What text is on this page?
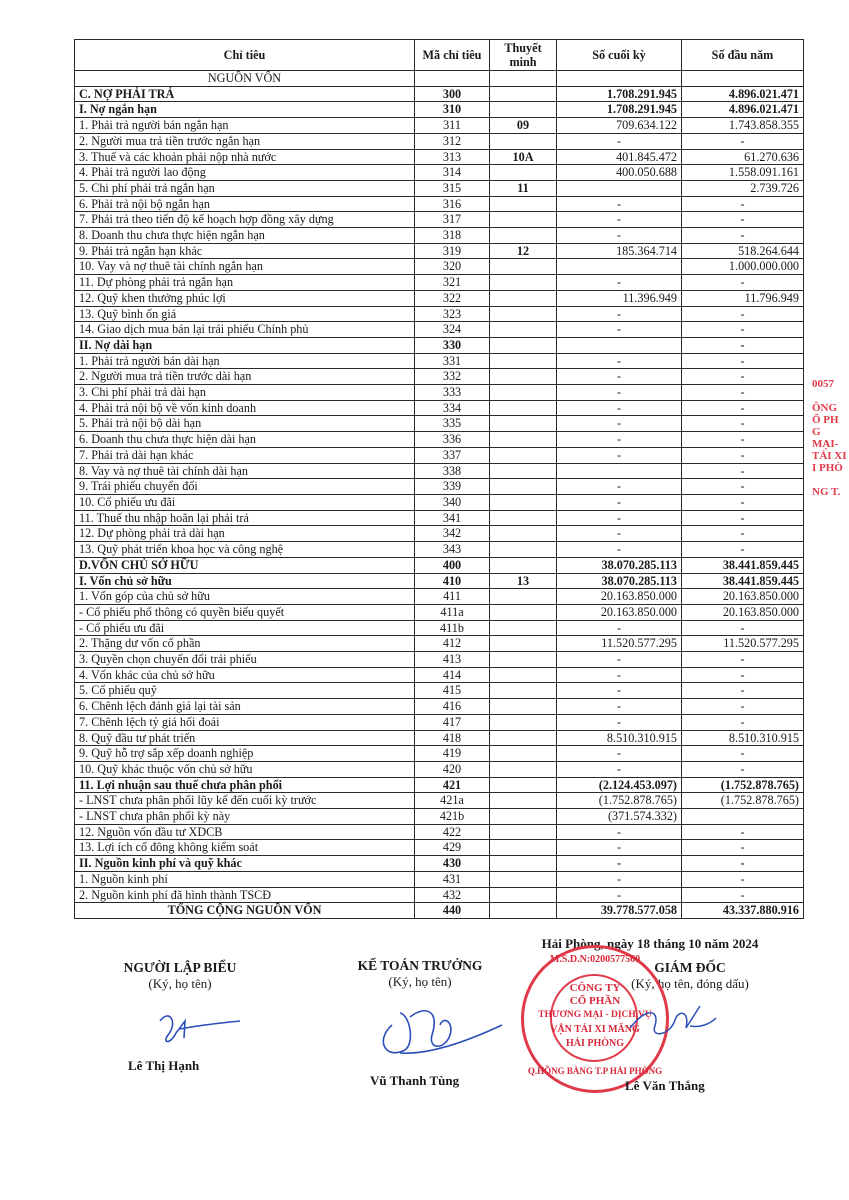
Chỉ tiêu	Mã chỉ tiêu	Thuyết minh	Số cuối kỳ	Số đầu năm
NGUỒN VỐN				
C. NỢ PHẢI TRẢ	300		1.708.291.945	4.896.021.471
I. Nợ ngắn hạn	310		1.708.291.945	4.896.021.471
1. Phải trả người bán ngắn hạn	311	09	709.634.122	1.743.858.355
2. Người mua trả tiền trước ngắn hạn	312		-	-
3. Thuế và các khoản phải nộp nhà nước	313	10A	401.845.472	61.270.636
4. Phải trả người lao động	314		400.050.688	1.558.091.161
5. Chi phí phải trả ngắn hạn	315	11		2.739.726
6. Phải trả nội bộ ngắn hạn	316		-	-
7. Phải trả theo tiến độ kế hoạch hợp đồng xây dựng	317		-	-
8. Doanh thu chưa thực hiện ngắn hạn	318		-	-
9. Phải trả ngắn hạn khác	319	12	185.364.714	518.264.644
10. Vay và nợ thuê tài chính ngắn hạn	320			1.000.000.000
11. Dự phòng phải trả ngắn hạn	321		-	-
12. Quỹ khen thưởng phúc lợi	322		11.396.949	11.796.949
13. Quỹ bình ổn giá	323		-	-
14. Giao dịch mua bán lại trái phiếu Chính phủ	324		-	-
II. Nợ dài hạn	330			-
1. Phải trả người bán dài hạn	331		-	-
2. Người mua trả tiền trước dài hạn	332		-	-
3. Chi phí phải trả dài hạn	333		-	-
4. Phải trả nội bộ về vốn kinh doanh	334		-	-
5. Phải trả nội bộ dài hạn	335		-	-
6. Doanh thu chưa thực hiện dài hạn	336		-	-
7. Phải trả dài hạn khác	337		-	-
8. Vay và nợ thuê tài chính dài hạn	338			-
9. Trái phiếu chuyển đổi	339		-	-
10. Cổ phiếu ưu đãi	340		-	-
11. Thuế thu nhập hoãn lại phải trả	341		-	-
12. Dự phòng phải trả dài hạn	342		-	-
13. Quỹ phát triển khoa học và công nghệ	343		-	-
D.VỐN CHỦ SỞ HỮU	400		38.070.285.113	38.441.859.445
I. Vốn chủ sở hữu	410	13	38.070.285.113	38.441.859.445
1. Vốn góp của chủ sở hữu	411		20.163.850.000	20.163.850.000
- Cổ phiếu phổ thông có quyền biểu quyết	411a		20.163.850.000	20.163.850.000
- Cổ phiếu ưu đãi	411b		-	-
2. Thặng dư vốn cổ phần	412		11.520.577.295	11.520.577.295
3. Quyền chọn chuyển đổi trái phiếu	413		-	-
4. Vốn khác của chủ sở hữu	414		-	-
5. Cổ phiếu quỹ	415		-	-
6. Chênh lệch đánh giá lại tài sản	416		-	-
7. Chênh lệch tỷ giá hối đoái	417		-	-
8. Quỹ đầu tư phát triển	418		8.510.310.915	8.510.310.915
9. Quỹ hỗ trợ sắp xếp doanh nghiệp	419		-	-
10. Quỹ khác thuộc vốn chủ sở hữu	420		-	-
11. Lợi nhuận sau thuế chưa phân phối	421		(2.124.453.097)	(1.752.878.765)
- LNST chưa phân phối lũy kế đến cuối kỳ trước	421a		(1.752.878.765)	(1.752.878.765)
- LNST chưa phân phối kỳ này	421b		(371.574.332)	
12. Nguồn vốn đầu tư XDCB	422		-	-
13. Lợi ích cổ đông không kiểm soát	429		-	-
II. Nguồn kinh phí và quỹ khác	430		-	-
1. Nguồn kinh phí	431		-	-
2. Nguồn kinh phí đã hình thành TSCĐ	432		-	-
TỔNG CỘNG NGUỒN VỐN	440		39.778.577.058	43.337.880.916
Hải Phòng, ngày 18 tháng 10 năm 2024
NGƯỜI LẬP BIỂU
(Ký, họ tên)
Lê Thị Hạnh
KẾ TOÁN TRƯỞNG
(Ký, họ tên)
Vũ Thanh Tùng
GIÁM ĐỐC
(Ký, họ tên, đóng dấu)
M.S.D.N:0200577560
CÔNG TY
CỔ PHẦN
THƯƠNG MẠI - DỊCH VỤ
VẬN TẢI XI MĂNG
HẢI PHÒNG
Q.HỒNG BÀNG T.P HẢI PHÒNG
Lê Văn Thắng
0057
ÔNG
Ổ PH
G MẠI-
TẢI XI
I PHÒ
NG T.
